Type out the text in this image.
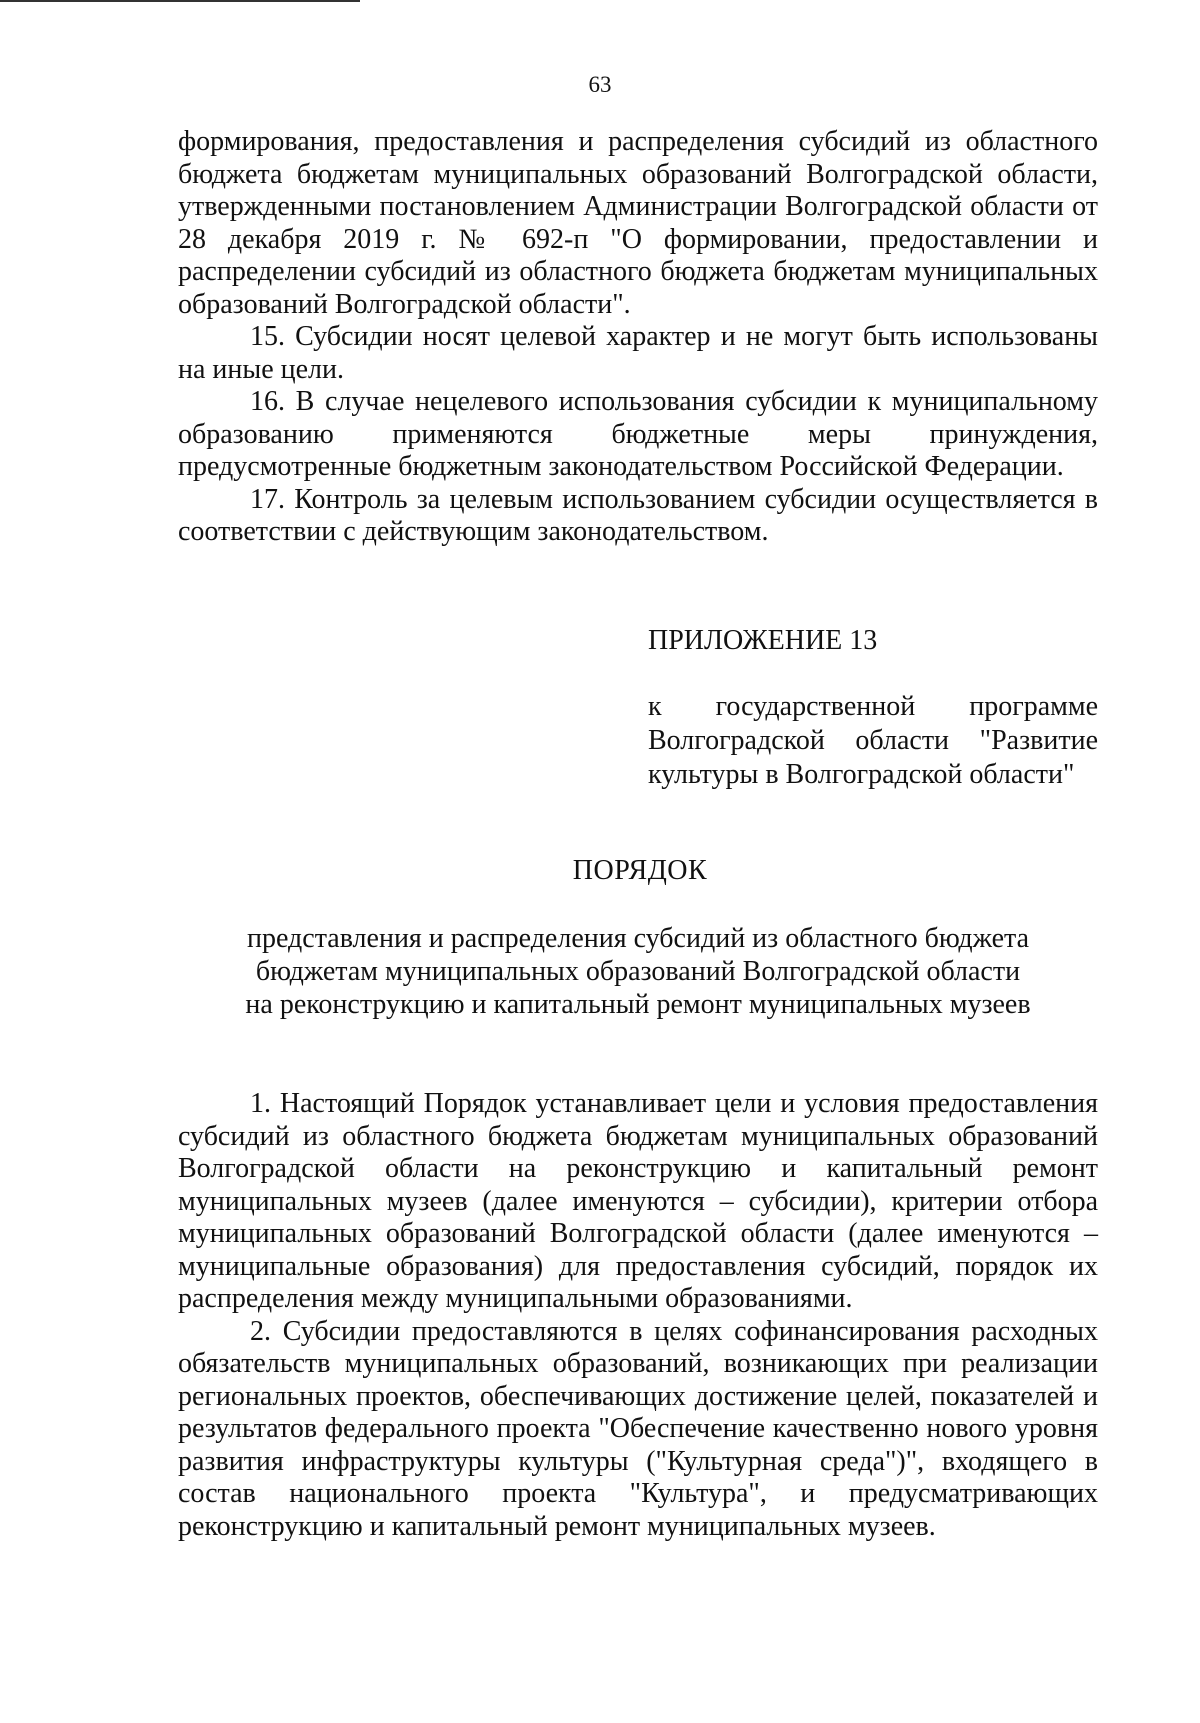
63

формирования, предоставления и распределения субсидий из областного бюджета бюджетам муниципальных образований Волгоградской области, утвержденными постановлением Администрации Волгоградской области от 28 декабря 2019 г. № 692-п "О формировании, предоставлении и распределении субсидий из областного бюджета бюджетам муниципальных образований Волгоградской области".

15. Субсидии носят целевой характер и не могут быть использованы на иные цели.

16. В случае нецелевого использования субсидии к муниципальному образованию применяются бюджетные меры принуждения, предусмотренные бюджетным законодательством Российской Федерации.

17. Контроль за целевым использованием субсидии осуществляется в соответствии с действующим законодательством.

ПРИЛОЖЕНИЕ 13
к государственной программе Волгоградской области "Развитие культуры в Волгоградской области"
ПОРЯДОК
представления и распределения субсидий из областного бюджета
бюджетам муниципальных образований Волгоградской области
на реконструкцию и капитальный ремонт муниципальных музеев

1. Настоящий Порядок устанавливает цели и условия предоставления субсидий из областного бюджета бюджетам муниципальных образований Волгоградской области на реконструкцию и капитальный ремонт муниципальных музеев (далее именуются – субсидии), критерии отбора муниципальных образований Волгоградской области (далее именуются – муниципальные образования) для предоставления субсидий, порядок их распределения между муниципальными образованиями.

2. Субсидии предоставляются в целях софинансирования расходных обязательств муниципальных образований, возникающих при реализации региональных проектов, обеспечивающих достижение целей, показателей и результатов федерального проекта "Обеспечение качественно нового уровня развития инфраструктуры культуры ("Культурная среда")", входящего в состав национального проекта "Культура", и предусматривающих реконструкцию и капитальный ремонт муниципальных музеев.
